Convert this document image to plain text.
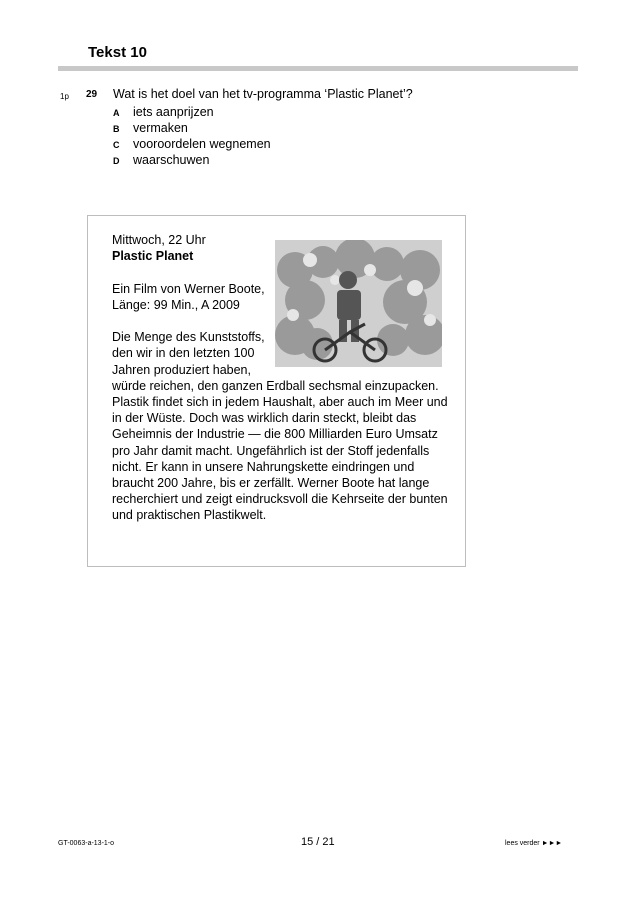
Tekst 10
1p 29 Wat is het doel van het tv-programma ‘Plastic Planet’?

A iets aanprijzen
B vermaken
C vooroordelen wegnemen
D waarschuwen

Mittwoch, 22 Uhr

Plastic Planet

Ein Film von Werner Boote, Länge: 99 Min., A 2009

Die Menge des Kunststoffs, den wir in den letzten 100 Jahren produziert haben, würde reichen, den ganzen Erdball sechsmal einzupacken. Plastik findet sich in jedem Haushalt, aber auch im Meer und in der Wüste. Doch was wirklich darin steckt, bleibt das Geheimnis der Industrie — die 800 Milliarden Euro Umsatz pro Jahr damit macht. Ungefährlich ist der Stoff jedenfalls nicht. Er kann in unsere Nahrungskette eindringen und braucht 200 Jahre, bis er zerfällt. Werner Boote hat lange recherchiert und zeigt eindrucksvoll die Kehrseite der bunten und praktischen Plastikwelt.

GT-0063-a-13-1-o	15 / 21	lees verder ►►►
